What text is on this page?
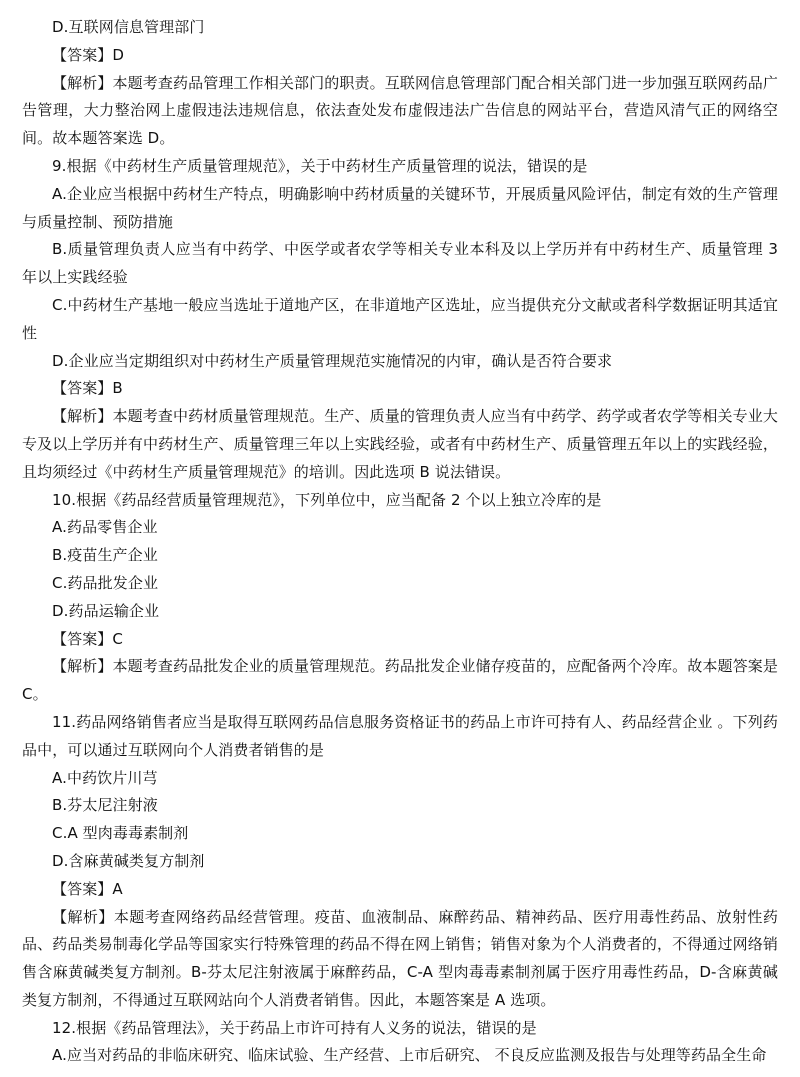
D.互联网信息管理部门

【答案】D

【解析】本题考查药品管理工作相关部门的职责。互联网信息管理部门配合相关部门进一步加强互联网药品广告管理，大力整治网上虚假违法违规信息，依法查处发布虚假违法广告信息的网站平台，营造风清气正的网络空间。故本题答案选 D。

9.根据《中药材生产质量管理规范》，关于中药材生产质量管理的说法，错误的是

A.企业应当根据中药材生产特点，明确影响中药材质量的关键环节，开展质量风险评估，制定有效的生产管理与质量控制、预防措施

B.质量管理负责人应当有中药学、中医学或者农学等相关专业本科及以上学历并有中药材生产、质量管理 3 年以上实践经验

C.中药材生产基地一般应当选址于道地产区，在非道地产区选址，应当提供充分文献或者科学数据证明其适宜性

D.企业应当定期组织对中药材生产质量管理规范实施情况的内审，确认是否符合要求

【答案】B

【解析】本题考查中药材质量管理规范。生产、质量的管理负责人应当有中药学、药学或者农学等相关专业大专及以上学历并有中药材生产、质量管理三年以上实践经验，或者有中药材生产、质量管理五年以上的实践经验，且均须经过《中药材生产质量管理规范》的培训。因此选项 B 说法错误。

10.根据《药品经营质量管理规范》，下列单位中，应当配备 2 个以上独立冷库的是

A.药品零售企业

B.疫苗生产企业

C.药品批发企业

D.药品运输企业

【答案】C

【解析】本题考查药品批发企业的质量管理规范。药品批发企业储存疫苗的，应配备两个冷库。故本题答案是 C。

11.药品网络销售者应当是取得互联网药品信息服务资格证书的药品上市许可持有人、药品经营企业 。下列药品中，可以通过互联网向个人消费者销售的是

A.中药饮片川芎

B.芬太尼注射液

C.A 型肉毒毒素制剂

D.含麻黄碱类复方制剂

【答案】A

【解析】本题考查网络药品经营管理。疫苗、血液制品、麻醉药品、精神药品、医疗用毒性药品、放射性药品、药品类易制毒化学品等国家实行特殊管理的药品不得在网上销售；销售对象为个人消费者的，不得通过网络销售含麻黄碱类复方制剂。B-芬太尼注射液属于麻醉药品，C-A 型肉毒毒素制剂属于医疗用毒性药品，D-含麻黄碱类复方制剂，不得通过互联网站向个人消费者销售。因此，本题答案是 A 选项。

12.根据《药品管理法》，关于药品上市许可持有人义务的说法，错误的是

A.应当对药品的非临床研究、临床试验、生产经营、上市后研究、 不良反应监测及报告与处理等药品全生命
